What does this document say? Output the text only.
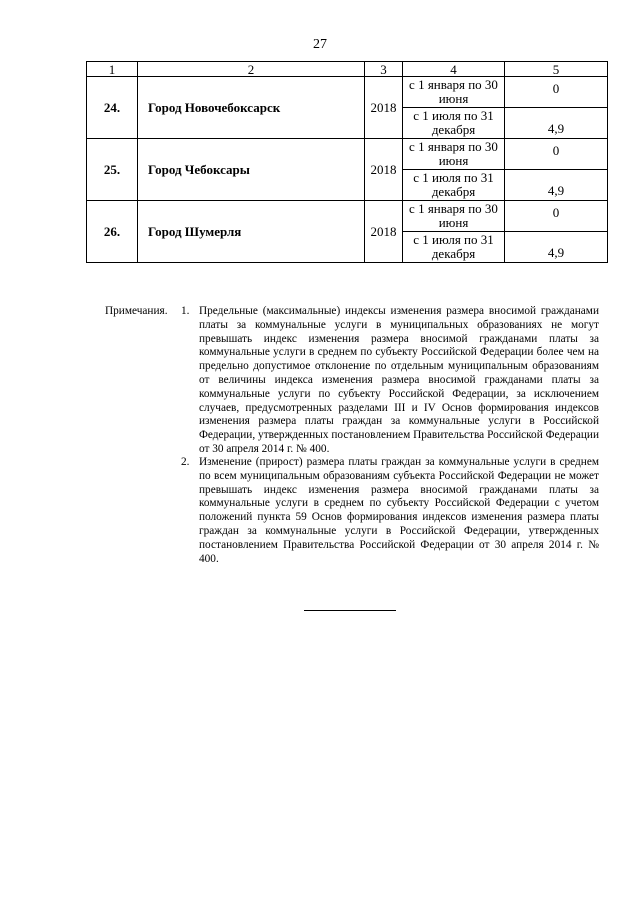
27
1	2	3	4	5
24.	Город Новочебоксарск	2018	с 1 января по 30 июня	0
			с 1 июля по 31 декабря	4,9
25.	Город Чебоксары	2018	с 1 января по 30 июня	0
			с 1 июля по 31 декабря	4,9
26.	Город Шумерля	2018	с 1 января по 30 июня	0
			с 1 июля по 31 декабря	4,9
Примечания. 1. Предельные (максимальные) индексы изменения размера вносимой гражданами платы за коммунальные услуги в муниципальных образованиях не могут превышать индекс изменения размера вносимой гражданами платы за коммунальные услуги в среднем по субъекту Российской Федерации более чем на предельно допустимое отклонение по отдельным муниципальным образованиям от величины индекса изменения размера вносимой гражданами платы за коммунальные услуги по субъекту Российской Федерации, за исключением случаев, предусмотренных разделами III и IV Основ формирования индексов изменения размера платы граждан за коммунальные услуги в Российской Федерации, утвержденных постановлением Правительства Российской Федерации от 30 апреля 2014 г. № 400.
2. Изменение (прирост) размера платы граждан за коммунальные услуги в среднем по всем муниципальным образованиям субъекта Российской Федерации не может превышать индекс изменения размера вносимой гражданами платы за коммунальные услуги в среднем по субъекту Российской Федерации с учетом положений пункта 59 Основ формирования индексов изменения размера платы граждан за коммунальные услуги в Российской Федерации, утвержденных постановлением Правительства Российской Федерации от 30 апреля 2014 г. № 400.
